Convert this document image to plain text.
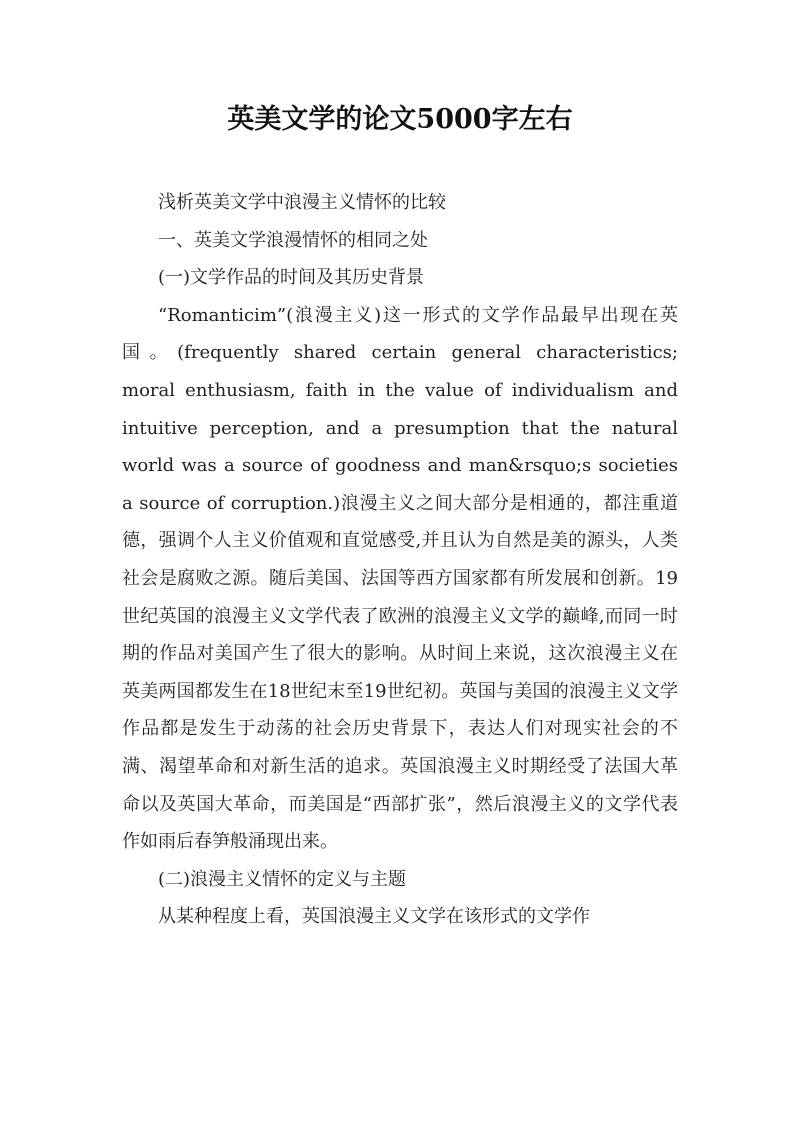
英美文学的论文5000字左右

浅析英美文学中浪漫主义情怀的比较

一、英美文学浪漫情怀的相同之处

(一)文学作品的时间及其历史背景

“Romanticim”(浪漫主义)这一形式的文学作品最早出现在英国。(frequently shared certain general characteristics; moral enthusiasm, faith in the value of individualism and intuitive perception, and a presumption that the natural world was a source of goodness and man&rsquo;s societies a source of corruption.)浪漫主义之间大部分是相通的，都注重道德，强调个人主义价值观和直觉感受,并且认为自然是美的源头，人类社会是腐败之源。随后美国、法国等西方国家都有所发展和创新。19世纪英国的浪漫主义文学代表了欧洲的浪漫主义文学的巅峰,而同一时期的作品对美国产生了很大的影响。从时间上来说，这次浪漫主义在英美两国都发生在18世纪末至19世纪初。英国与美国的浪漫主义文学作品都是发生于动荡的社会历史背景下，表达人们对现实社会的不满、渴望革命和对新生活的追求。英国浪漫主义时期经受了法国大革命以及英国大革命，而美国是“西部扩张”，然后浪漫主义的文学代表作如雨后春笋般涌现出来。

(二)浪漫主义情怀的定义与主题

从某种程度上看，英国浪漫主义文学在该形式的文学作
